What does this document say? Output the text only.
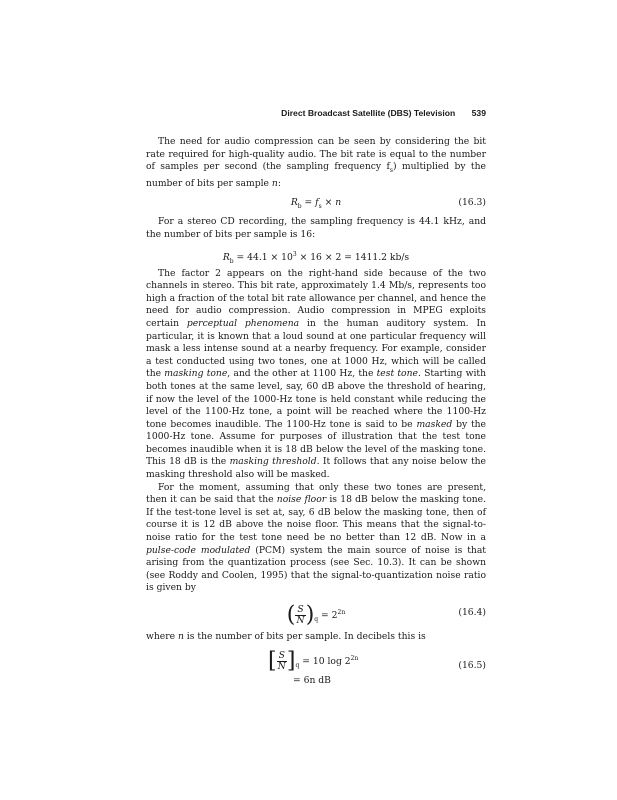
Direct Broadcast Satellite (DBS) Television 539

The need for audio compression can be seen by considering the bit rate required for high-quality audio. The bit rate is equal to the number of samples per second (the sampling frequency $f_s$) multiplied by the number of bits per sample n:

$R_b = f_s \times n$	(16.3)

For a stereo CD recording, the sampling frequency is 44.1 kHz, and the number of bits per sample is 16:

$R_b = 44.1 \times 10^3 \times 16 \times 2 = 1411.2$ kb/s

The factor 2 appears on the right-hand side because of the two channels in stereo. This bit rate, approximately 1.4 Mb/s, represents too high a fraction of the total bit rate allowance per channel, and hence the need for audio compression. Audio compression in MPEG exploits certain perceptual phenomena in the human auditory system. In particular, it is known that a loud sound at one particular frequency will mask a less intense sound at a nearby frequency. For example, consider a test conducted using two tones, one at 1000 Hz, which will be called the masking tone, and the other at 1100 Hz, the test tone. Starting with both tones at the same level, say, 60 dB above the threshold of hearing, if now the level of the 1000-Hz tone is held constant while reducing the level of the 1100-Hz tone, a point will be reached where the 1100-Hz tone becomes inaudible. The 1100-Hz tone is said to be masked by the 1000-Hz tone. Assume for purposes of illustration that the test tone becomes inaudible when it is 18 dB below the level of the masking tone. This 18 dB is the masking threshold. It follows that any noise below the masking threshold also will be masked.

For the moment, assuming that only these two tones are present, then it can be said that the noise floor is 18 dB below the masking tone. If the test-tone level is set at, say, 6 dB below the masking tone, then of course it is 12 dB above the noise floor. This means that the signal-to-noise ratio for the test tone need be no better than 12 dB. Now in a pulse-code modulated (PCM) system the main source of noise is that arising from the quantization process (see Sec. 10.3). It can be shown (see Roddy and Coolen, 1995) that the signal-to-quantization noise ratio is given by

( $\frac{S}{N} )_q = 2^{2n}$	(16.4)

where n is the number of bits per sample. In decibels this is

[ $\frac{S}{N} ]_q = 10$ $\log 2^{2n}$
= 6n dB
(16.5)
